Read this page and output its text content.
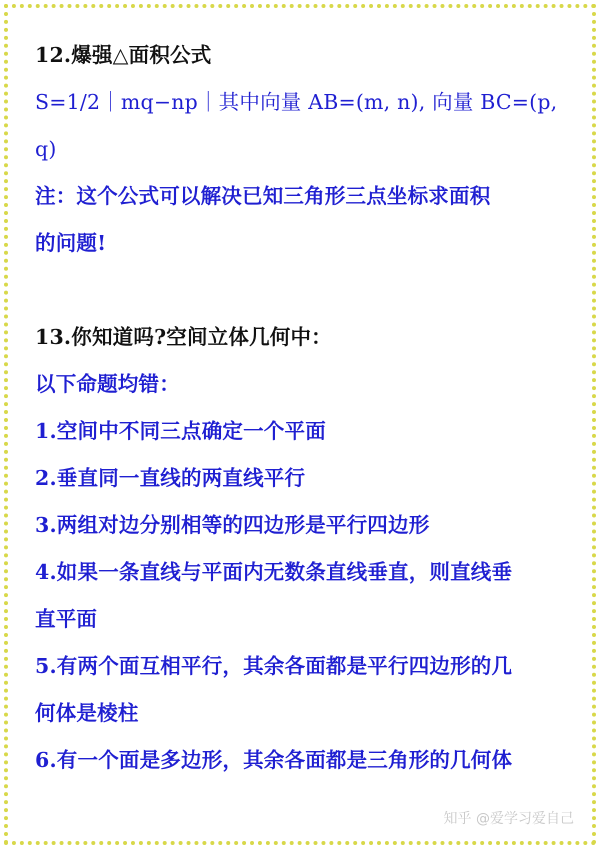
12.爆强△面积公式
S=1/2｜mq−np｜其中向量 AB=(m, n), 向量 BC=(p,
q)
注：这个公式可以解决已知三角形三点坐标求面积
的问题!
13.你知道吗?空间立体几何中：
以下命题均错：
1.空间中不同三点确定一个平面
2.垂直同一直线的两直线平行
3.两组对边分别相等的四边形是平行四边形
4.如果一条直线与平面内无数条直线垂直，则直线垂
直平面
5.有两个面互相平行，其余各面都是平行四边形的几
何体是棱柱
6.有一个面是多边形，其余各面都是三角形的几何体
知乎 @爱学习爱自己
